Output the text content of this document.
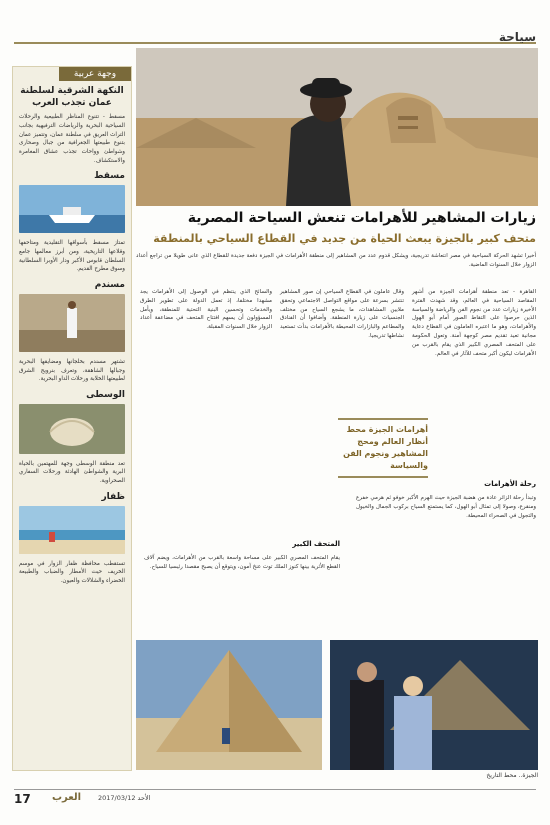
سياحة
وجهة عربية
النكهة الشرقية لسلطنة عمان تجذب العرب
مسقط - تتنوع المناظر الطبيعية والرحلات السياحية البحرية والرياضات الترفيهية بجانب التراث العريق في سلطنة عمان، وتتميز عمان بتنوع طبيعتها الجغرافية من جبال وصحارى وشواطئ وواحات تجذب عشاق المغامرة والاستكشاف.
مسقط
تمتاز مسقط بأسواقها التقليدية ومتاحفها وقلاعها التاريخية، ومن أبرز معالمها جامع السلطان قابوس الأكبر ودار الأوبرا السلطانية وسوق مطرح القديم.
مسندم
تشتهر مسندم بخلجانها ومضايقها البحرية وجبالها الشاهقة، وتعرف بنرويج الشرق لطبيعتها الخلابة ورحلات الداو البحرية.
الوسطى
تعد منطقة الوسطى وجهة للمهتمين بالحياة البرية والشواطئ الهادئة ورحلات السفاري الصحراوية.
ظفار
تستقطب محافظة ظفار الزوار في موسم الخريف حيث الأمطار والضباب والطبيعة الخضراء والشلالات والعيون.
زيارات المشاهير للأهرامات تنعش السياحة المصرية
متحف كبير بالجيزة يبعث الحياة من جديد في القطاع السياحي بالمنطقة
أخيرا تشهد الحركة السياحية في مصر انتعاشة تدريجية، ويشكل قدوم عدد من المشاهير إلى منطقة الأهرامات في الجيزة دفعة جديدة للقطاع الذي عانى طويلا من تراجع أعداد الزوار خلال السنوات الماضية.
القاهرة - تعد منطقة أهرامات الجيزة من أشهر المقاصد السياحية في العالم، وقد شهدت الفترة الأخيرة زيارات عدد من نجوم الفن والرياضة والسياسة الذين حرصوا على التقاط الصور أمام أبو الهول والأهرامات، وهو ما اعتبره العاملون في القطاع دعاية مجانية تعيد تقديم مصر كوجهة آمنة. وتعول الحكومة على المتحف المصري الكبير الذي يقام بالقرب من الأهرامات ليكون أكبر متحف للآثار في العالم.
وقال عاملون في القطاع السياحي إن صور المشاهير تنتشر بسرعة على مواقع التواصل الاجتماعي وتحقق ملايين المشاهدات، ما يشجع السياح من مختلف الجنسيات على زيارة المنطقة. وأضافوا أن الفنادق والمطاعم والبازارات المحيطة بالأهرامات بدأت تستعيد نشاطها تدريجيا.
والسائح الذي ينتظم في الوصول إلى الأهرامات يجد مشهدا مختلفا، إذ تعمل الدولة على تطوير الطرق والخدمات وتحسين البنية التحتية للمنطقة، ويأمل المسؤولون أن يسهم افتتاح المتحف في مضاعفة أعداد الزوار خلال السنوات المقبلة.
أهرامات الجيزة محط أنظار العالم ومحج المشاهير ونجوم الفن والسياسة
رحلة الأهرامات
وتبدأ رحلة الزائر عادة من هضبة الجيزة حيث الهرم الأكبر خوفو ثم هرمي خفرع ومنقرع، وصولا إلى تمثال أبو الهول، كما يستمتع السياح بركوب الجمال والخيول والتجول في الصحراء المحيطة.
المتحف الكبير
يقام المتحف المصري الكبير على مساحة واسعة بالقرب من الأهرامات، ويضم آلاف القطع الأثرية بينها كنوز الملك توت عنخ آمون، ويتوقع أن يصبح مقصدا رئيسيا للسياح.
الجيزة.. محط التاريخ
17 العرب	الأحد 2017/03/12
